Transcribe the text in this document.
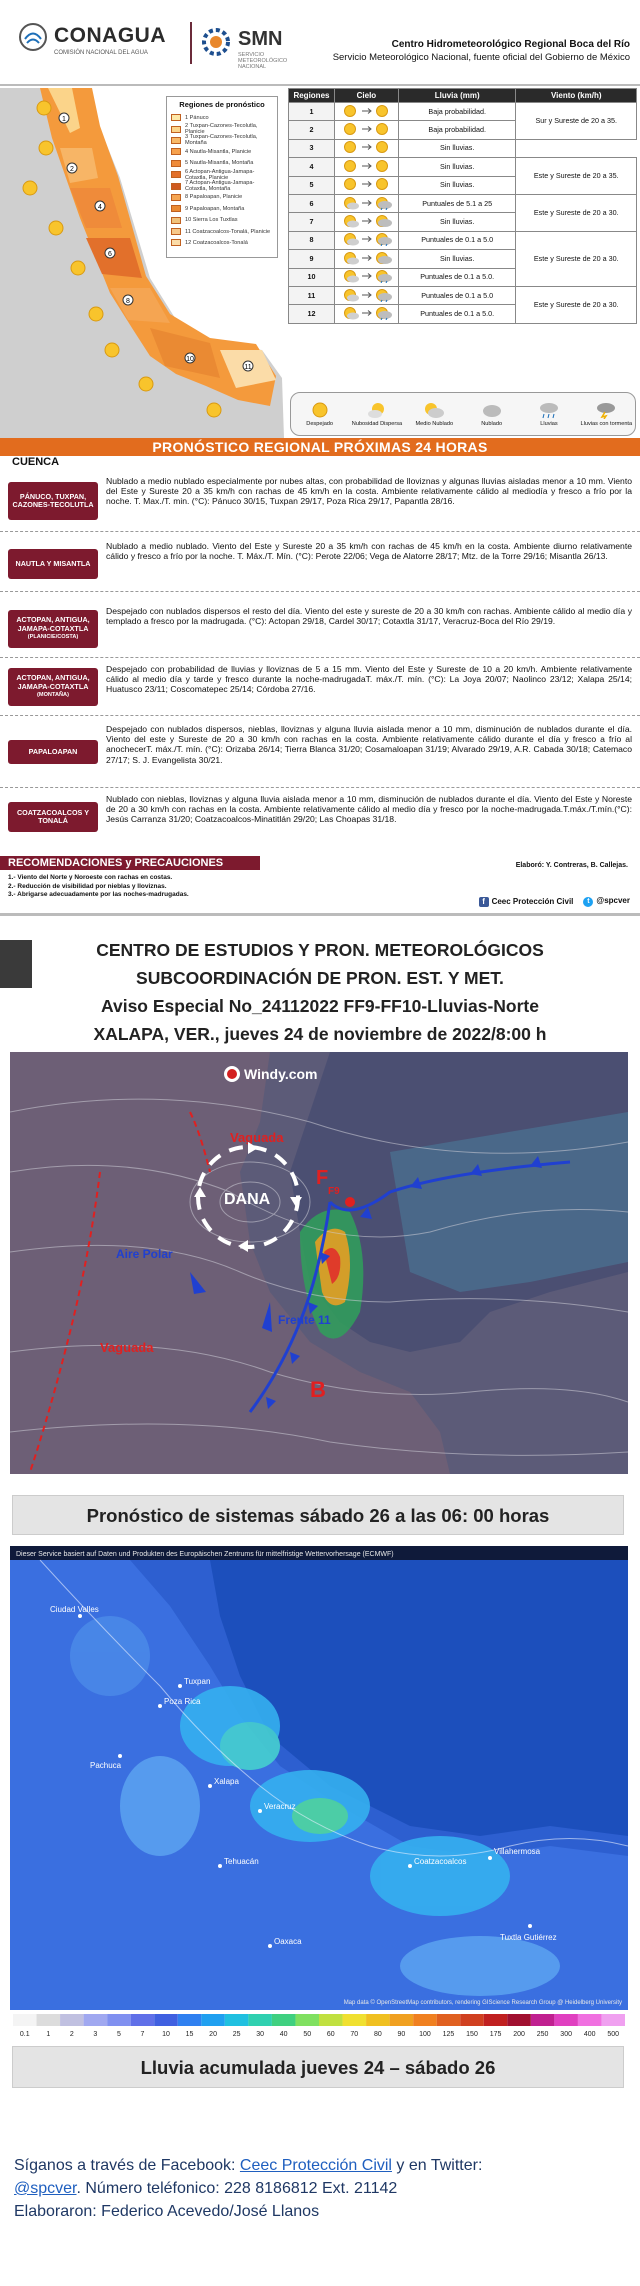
CONAGUA
COMISIÓN NACIONAL DEL AGUA
SMN
SERVICIO METEOROLÓGICO NACIONAL
Centro Hidrometeorológico Regional Boca del Río
Servicio Meteorológico Nacional, fuente oficial del Gobierno de México
1
2
4
6
8
10
11
Regiones de pronóstico
1 Pánuco
2 Tuxpan-Cazones-Tecolutla, Planicie
3 Tuxpan-Cazones-Tecolutla, Montaña
4 Nautla-Misantla, Planicie
5 Nautla-Misantla, Montaña
6 Actopan-Antigua-Jamapa-Cotaxtla, Planicie
7 Actopan-Antigua-Jamapa-Cotaxtla, Montaña
8 Papaloapan, Planicie
9 Papaloapan, Montaña
10 Sierra Los Tuxtlas
11 Coatzacoalcos-Tonalá, Planicie
12 Coatzacoalcos-Tonalá
Regiones	Cielo	Lluvia (mm)	Viento (km/h)
1		Baja probabilidad.	Sur y Sureste de 20 a 35.
2		Baja probabilidad.	
3		Sin lluvias.	
4		Sin lluvias.	Este y Sureste de 20 a 35.
5		Sin lluvias.	
6		Puntuales de 5.1 a 25	Este y Sureste de 20 a 30.
7		Sin lluvias.	
8		Puntuales de 0.1 a 5.0	Este y Sureste de 20 a 30.
9		Sin lluvias.	
10		Puntuales de 0.1 a 5.0.	
11		Puntuales de 0.1 a 5.0	Este y Sureste de 20 a 30.
12		Puntuales de 0.1 a 5.0.	
Despejado	Nubosidad Dispersa Medio Nublado	Nublado	Lluvias	Lluvias con tormenta
PRONÓSTICO REGIONAL PRÓXIMAS 24 HORAS
CUENCA
PÁNUCO, TUXPAN, CAZONES-TECOLUTLA
Nublado a medio nublado especialmente por nubes altas, con probabilidad de lloviznas y algunas lluvias aisladas menor a 10 mm. Viento del Este y Sureste 20 a 35 km/h con rachas de 45 km/h en la costa. Ambiente relativamente cálido al mediodía y fresco a frío por la noche. T. Max./T. min. (°C): Pánuco 30/15, Tuxpan 29/17, Poza Rica 29/17, Papantla 28/16.
NAUTLA Y MISANTLA
Nublado a medio nublado. Viento del Este y Sureste 20 a 35 km/h con rachas de 45 km/h en la costa. Ambiente diurno relativamente cálido y fresco a frío por la noche. T. Máx./T. Mín. (°C): Perote 22/06; Vega de Alatorre 28/17; Mtz. de la Torre 29/16; Misantla 26/13.
ACTOPAN, ANTIGUA, JAMAPA-COTAXTLA
(PLANICIE/COSTA)
Despejado con nublados dispersos el resto del día. Viento del este y sureste de 20 a 30 km/h con rachas. Ambiente cálido al medio día y templado a fresco por la madrugada. (°C): Actopan 29/18, Cardel 30/17; Cotaxtla 31/17, Veracruz-Boca del Río 29/19.
ACTOPAN, ANTIGUA, JAMAPA-COTAXTLA
(MONTAÑA)
Despejado con probabilidad de lluvias y lloviznas de 5 a 15 mm. Viento del Este y Sureste de 10 a 20 km/h. Ambiente relativamente cálido al medio día y tarde y fresco durante la noche-madrugadaT. máx./T. mín. (°C): La Joya 20/07; Naolinco 23/12; Xalapa 25/14; Huatusco 23/11; Coscomatepec 25/14; Córdoba 27/16.
PAPALOAPAN
Despejado con nublados dispersos, nieblas, lloviznas y alguna lluvia aislada menor a 10 mm, disminución de nublados durante el día. Viento del este y Sureste de 20 a 30 km/h con rachas en la costa. Ambiente relativamente cálido durante el día y fresco a frío al anochecerT. máx./T. mín. (°C): Orizaba 26/14; Tierra Blanca 31/20; Cosamaloapan 31/19; Alvarado 29/19, A.R. Cabada 30/18; Catemaco 27/17; S. J. Evangelista 30/21.
COATZACOALCOS Y TONALÁ
Nublado con nieblas, lloviznas y alguna lluvia aislada menor a 10 mm, disminución de nublados durante el día. Viento del Este y Noreste de 20 a 30 km/h con rachas en la costa. Ambiente relativamente cálido al medio día y fresco por la noche-madrugada.T.máx./T.mín.(°C): Jesús Carranza 31/20; Coatzacoalcos-Minatitlán 29/20; Las Choapas 31/18.
RECOMENDACIONES y PRECAUCIONES
1.- Viento del Norte y Noroeste con rachas en costas.
2.- Reducción de visibilidad por nieblas y lloviznas.
3.- Abrigarse adecuadamente por las noches-madrugadas.
Elaboró: Y. Contreras, B. Callejas.
f Ceec Protección Civil	t @spcver
CENTRO DE ESTUDIOS Y PRON. METEOROLÓGICOS
SUBCOORDINACIÓN DE PRON. EST. Y MET.
Aviso Especial No_24112022 FF9-FF10-Lluvias-Norte
XALAPA, VER., jueves 24 de noviembre de 2022/8:00 h
Windy.com
Vaguada
Vaguada
DANA
F
F9
Frente 11
Aire Polar
B
Pronóstico de sistemas sábado 26 a las 06: 00 horas
Dieser Service basiert auf Daten und Produkten des Europäischen Zentrums für mittelfristige Wettervorhersage (ECMWF)
Ciudad Valles
Poza Rica
Tuxpan
Pachuca
Xalapa
Veracruz
Tehuacán
Oaxaca
Coatzacoalcos
Villahermosa
Tuxtla Gutiérrez
Map data © OpenStreetMap contributors, rendering GIScience Research Group @ Heidelberg University
0.1 1	2	3	5	7	10 15 20 25 30 40 50 60 70 80 90 100 125 150 175 200 250 300 400 500
Lluvia acumulada jueves 24 – sábado 26
Síganos a través de Facebook: Ceec Protección Civil y en Twitter:
@spcver. Número teléfonico: 228 8186812 Ext. 21142
Elaboraron: Federico Acevedo/José Llanos
